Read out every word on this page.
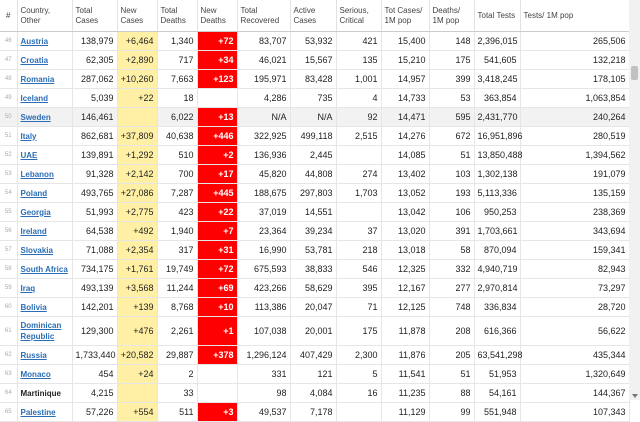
#	Country, Other	Total Cases	New Cases	Total Deaths	New Deaths	Total Recovered	Active Cases	Serious, Critical	Tot Cases/ 1M pop	Deaths/ 1M pop	Total Tests	Tests/ 1M pop
46	Austria	138,979	+6,464	1,340	+72	83,707	53,932	421	15,400	148	2,396,015	265,506
47	Croatia	62,305	+2,890	717	+34	46,021	15,567	135	15,210	175	541,605	132,218
48	Romania	287,062	+10,260	7,663	+123	195,971	83,428	1,001	14,957	399	3,418,245	178,105
49	Iceland	5,039	+22	18		4,286	735	4	14,733	53	363,854	1,063,854
50	Sweden	146,461		6,022	+13	N/A	N/A	92	14,471	595	2,431,770	240,264
51	Italy	862,681	+37,809	40,638	+446	322,925	499,118	2,515	14,276	672	16,951,896	280,519
52	UAE	139,891	+1,292	510	+2	136,936	2,445		14,085	51	13,850,488	1,394,562
53	Lebanon	91,328	+2,142	700	+17	45,820	44,808	274	13,402	103	1,302,138	191,079
54	Poland	493,765	+27,086	7,287	+445	188,675	297,803	1,703	13,052	193	5,113,336	135,159
55	Georgia	51,993	+2,775	423	+22	37,019	14,551		13,042	106	950,253	238,369
56	Ireland	64,538	+492	1,940	+7	23,364	39,234	37	13,020	391	1,703,661	343,694
57	Slovakia	71,088	+2,354	317	+31	16,990	53,781	218	13,018	58	870,094	159,341
58	South Africa	734,175	+1,761	19,749	+72	675,593	38,833	546	12,325	332	4,940,719	82,943
59	Iraq	493,139	+3,568	11,244	+69	423,266	58,629	395	12,167	277	2,970,814	73,297
60	Bolivia	142,201	+139	8,768	+10	113,386	20,047	71	12,125	748	336,834	28,720
61	Dominican Republic	129,300	+476	2,261	+1	107,038	20,001	175	11,878	208	616,366	56,622
62	Russia	1,733,440	+20,582	29,887	+378	1,296,124	407,429	2,300	11,876	205	63,541,298	435,344
63	Monaco	454	+24	2		331	121	5	11,541	51	51,953	1,320,649
64	Martinique	4,215		33		98	4,084	16	11,235	88	54,161	144,367
65	Palestine	57,226	+554	511	+3	49,537	7,178		11,129	99	551,948	107,343
